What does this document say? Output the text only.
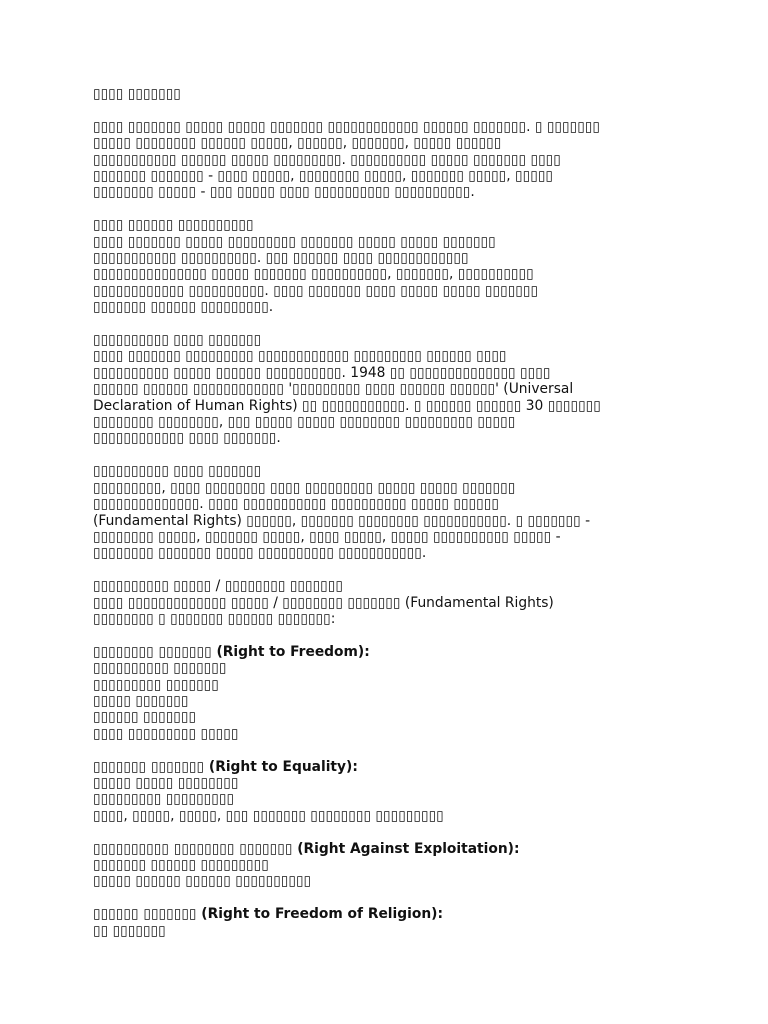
▯▯▯▯ ▯▯▯▯▯▯▯
▯▯▯▯ ▯▯▯▯▯▯▯ ▯▯▯▯▯ ▯▯▯▯▯ ▯▯▯▯▯▯▯ ▯▯▯▯▯▯▯▯▯▯▯▯ ▯▯▯▯▯▯ ▯▯▯▯▯▯▯. ▯ ▯▯▯▯▯▯▯
▯▯▯▯▯ ▯▯▯▯▯▯▯▯ ▯▯▯▯▯▯ ▯▯▯▯▯, ▯▯▯▯▯▯, ▯▯▯▯▯▯▯, ▯▯▯▯▯ ▯▯▯▯▯▯
▯▯▯▯▯▯▯▯▯▯▯ ▯▯▯▯▯▯ ▯▯▯▯▯ ▯▯▯▯▯▯▯▯▯. ▯▯▯▯▯▯▯▯▯▯ ▯▯▯▯▯ ▯▯▯▯▯▯▯ ▯▯▯▯
▯▯▯▯▯▯▯ ▯▯▯▯▯▯▯ - ▯▯▯▯ ▯▯▯▯▯, ▯▯▯▯▯▯▯▯ ▯▯▯▯▯, ▯▯▯▯▯▯▯ ▯▯▯▯▯, ▯▯▯▯▯
▯▯▯▯▯▯▯▯ ▯▯▯▯▯ - ▯▯▯ ▯▯▯▯▯ ▯▯▯▯ ▯▯▯▯▯▯▯▯▯▯ ▯▯▯▯▯▯▯▯▯▯.
▯▯▯▯ ▯▯▯▯▯▯ ▯▯▯▯▯▯▯▯▯▯
▯▯▯▯ ▯▯▯▯▯▯▯ ▯▯▯▯▯ ▯▯▯▯▯▯▯▯▯ ▯▯▯▯▯▯▯ ▯▯▯▯▯ ▯▯▯▯▯ ▯▯▯▯▯▯▯
▯▯▯▯▯▯▯▯▯▯▯ ▯▯▯▯▯▯▯▯▯▯. ▯▯▯ ▯▯▯▯▯▯ ▯▯▯▯ ▯▯▯▯▯▯▯▯▯▯▯▯
▯▯▯▯▯▯▯▯▯▯▯▯▯▯▯ ▯▯▯▯▯ ▯▯▯▯▯▯▯ ▯▯▯▯▯▯▯▯▯▯, ▯▯▯▯▯▯▯, ▯▯▯▯▯▯▯▯▯▯
▯▯▯▯▯▯▯▯▯▯▯▯ ▯▯▯▯▯▯▯▯▯▯. ▯▯▯▯ ▯▯▯▯▯▯▯ ▯▯▯▯ ▯▯▯▯▯ ▯▯▯▯▯ ▯▯▯▯▯▯▯
▯▯▯▯▯▯▯ ▯▯▯▯▯▯ ▯▯▯▯▯▯▯▯▯.
▯▯▯▯▯▯▯▯▯▯ ▯▯▯▯ ▯▯▯▯▯▯▯
▯▯▯▯ ▯▯▯▯▯▯▯ ▯▯▯▯▯▯▯▯▯ ▯▯▯▯▯▯▯▯▯▯▯▯ ▯▯▯▯▯▯▯▯▯ ▯▯▯▯▯▯ ▯▯▯▯
▯▯▯▯▯▯▯▯▯▯ ▯▯▯▯▯ ▯▯▯▯▯▯ ▯▯▯▯▯▯▯▯▯▯. 1948 ▯▯ ▯▯▯▯▯▯▯▯▯▯▯▯▯▯ ▯▯▯▯
▯▯▯▯▯▯ ▯▯▯▯▯▯ ▯▯▯▯▯▯▯▯▯▯▯▯ '▯▯▯▯▯▯▯▯▯ ▯▯▯▯ ▯▯▯▯▯▯ ▯▯▯▯▯▯' (Universal
Declaration of Human Rights) ▯▯ ▯▯▯▯▯▯▯▯▯▯▯. ▯ ▯▯▯▯▯▯ ▯▯▯▯▯▯ 30 ▯▯▯▯▯▯▯
▯▯▯▯▯▯▯▯ ▯▯▯▯▯▯▯▯, ▯▯▯ ▯▯▯▯▯ ▯▯▯▯▯ ▯▯▯▯▯▯▯▯ ▯▯▯▯▯▯▯▯▯ ▯▯▯▯▯
▯▯▯▯▯▯▯▯▯▯▯▯ ▯▯▯▯ ▯▯▯▯▯▯▯.
▯▯▯▯▯▯▯▯▯▯ ▯▯▯▯ ▯▯▯▯▯▯▯
▯▯▯▯▯▯▯▯▯, ▯▯▯▯ ▯▯▯▯▯▯▯▯ ▯▯▯▯ ▯▯▯▯▯▯▯▯▯ ▯▯▯▯▯ ▯▯▯▯▯ ▯▯▯▯▯▯▯
▯▯▯▯▯▯▯▯▯▯▯▯▯▯. ▯▯▯▯ ▯▯▯▯▯▯▯▯▯▯▯ ▯▯▯▯▯▯▯▯▯▯ ▯▯▯▯▯ ▯▯▯▯▯▯
(Fundamental Rights) ▯▯▯▯▯▯, ▯▯▯▯▯▯▯ ▯▯▯▯▯▯▯▯ ▯▯▯▯▯▯▯▯▯▯▯. ▯ ▯▯▯▯▯▯▯ -
▯▯▯▯▯▯▯▯ ▯▯▯▯▯, ▯▯▯▯▯▯▯ ▯▯▯▯▯, ▯▯▯▯ ▯▯▯▯▯, ▯▯▯▯▯ ▯▯▯▯▯▯▯▯▯▯ ▯▯▯▯▯ -
▯▯▯▯▯▯▯▯ ▯▯▯▯▯▯▯ ▯▯▯▯▯ ▯▯▯▯▯▯▯▯▯▯ ▯▯▯▯▯▯▯▯▯▯▯.
▯▯▯▯▯▯▯▯▯▯ ▯▯▯▯▯ / ▯▯▯▯▯▯▯▯ ▯▯▯▯▯▯▯
▯▯▯▯ ▯▯▯▯▯▯▯▯▯▯▯▯▯ ▯▯▯▯▯ / ▯▯▯▯▯▯▯▯ ▯▯▯▯▯▯▯ (Fundamental Rights)
▯▯▯▯▯▯▯▯ ▯ ▯▯▯▯▯▯▯ ▯▯▯▯▯▯ ▯▯▯▯▯▯▯:
▯▯▯▯▯▯▯▯ ▯▯▯▯▯▯▯ (Right to Freedom):
▯▯▯▯▯▯▯▯▯▯ ▯▯▯▯▯▯▯
▯▯▯▯▯▯▯▯▯ ▯▯▯▯▯▯▯
▯▯▯▯▯ ▯▯▯▯▯▯▯
▯▯▯▯▯▯ ▯▯▯▯▯▯▯
▯▯▯▯ ▯▯▯▯▯▯▯▯▯ ▯▯▯▯▯
▯▯▯▯▯▯▯ ▯▯▯▯▯▯▯ (Right to Equality):
▯▯▯▯▯ ▯▯▯▯▯ ▯▯▯▯▯▯▯▯
▯▯▯▯▯▯▯▯▯ ▯▯▯▯▯▯▯▯▯
▯▯▯▯, ▯▯▯▯▯, ▯▯▯▯▯, ▯▯▯ ▯▯▯▯▯▯▯ ▯▯▯▯▯▯▯▯ ▯▯▯▯▯▯▯▯▯
▯▯▯▯▯▯▯▯▯▯ ▯▯▯▯▯▯▯▯ ▯▯▯▯▯▯▯ (Right Against Exploitation):
▯▯▯▯▯▯▯ ▯▯▯▯▯▯ ▯▯▯▯▯▯▯▯▯
▯▯▯▯▯ ▯▯▯▯▯▯ ▯▯▯▯▯▯ ▯▯▯▯▯▯▯▯▯▯
▯▯▯▯▯▯ ▯▯▯▯▯▯▯ (Right to Freedom of Religion):
▯▯ ▯▯▯▯▯▯▯
